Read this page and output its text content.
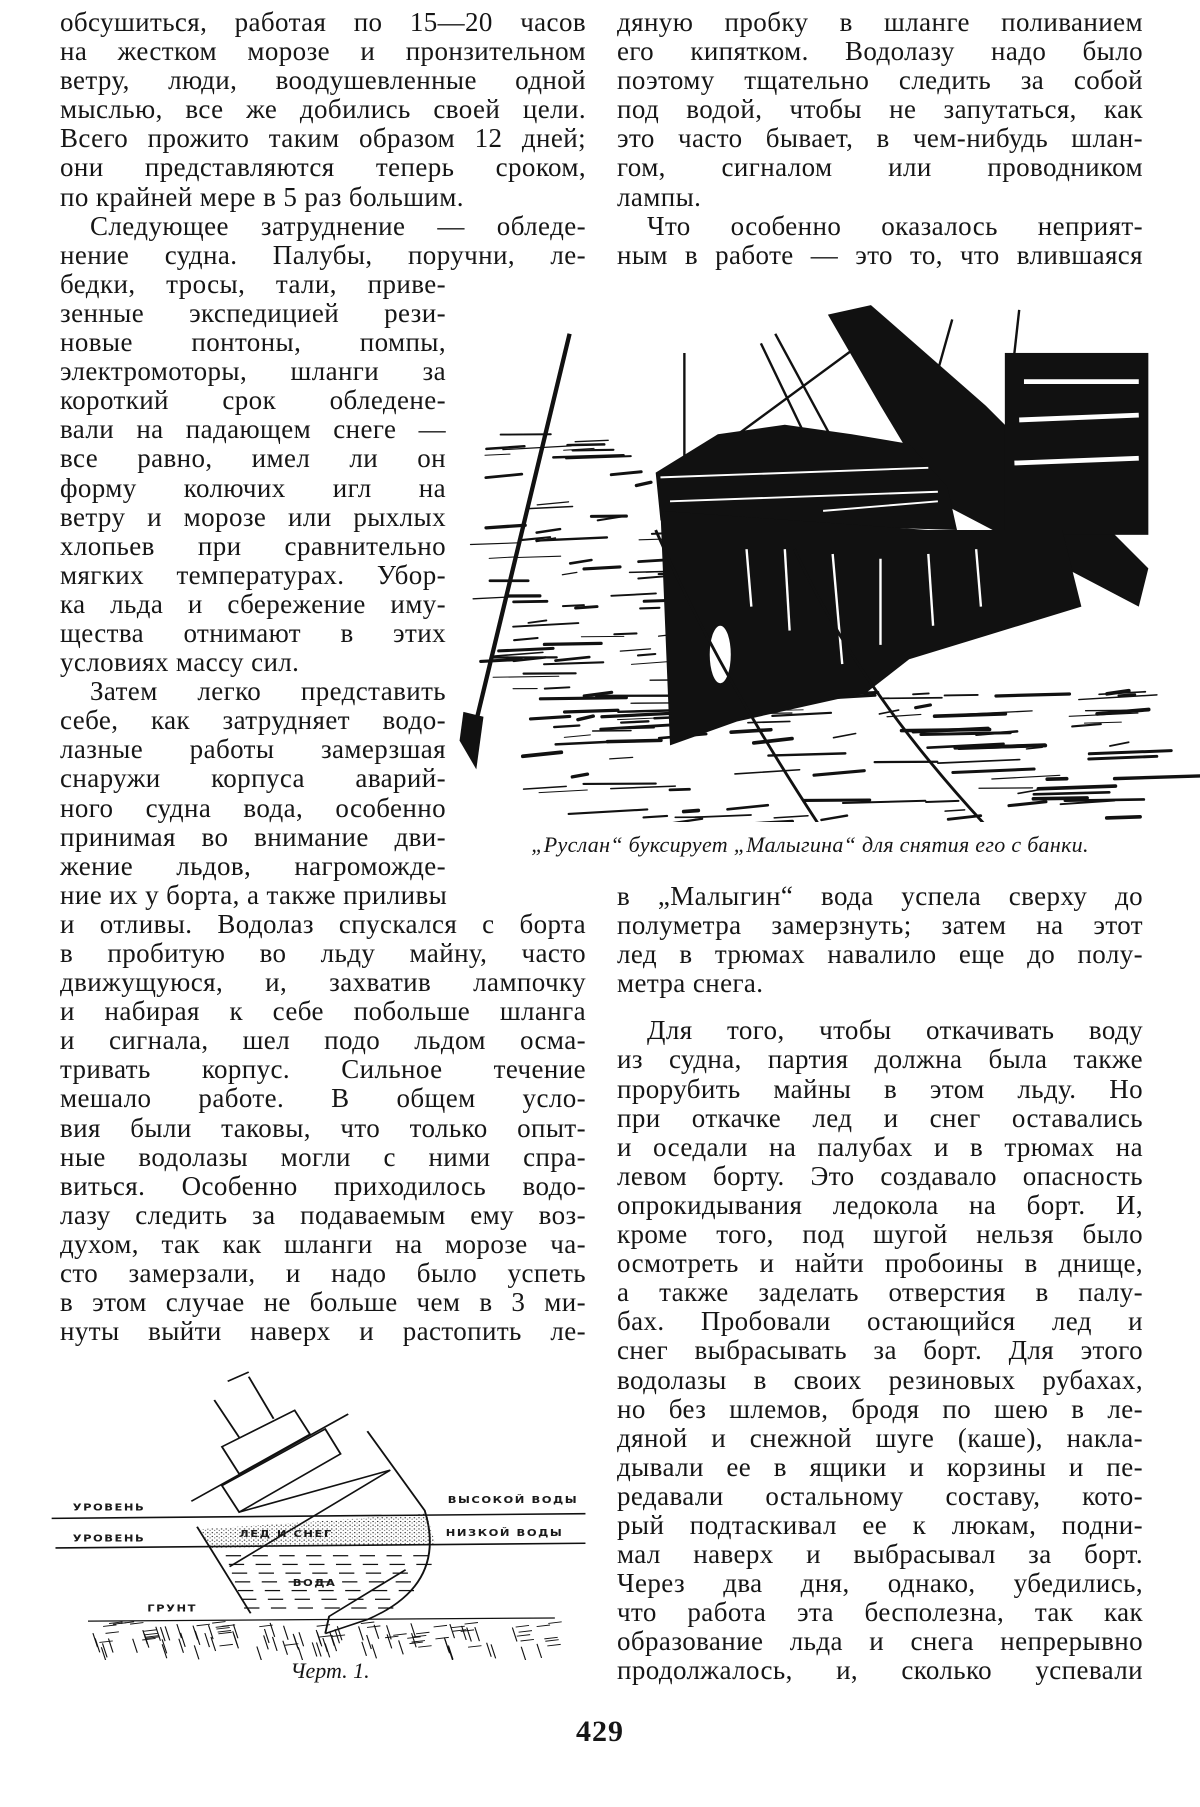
обсушиться, работая по 15—20 часов
на жестком морозе и пронзительном
ветру, люди, воодушевленные одной
мыслью, все же добились своей цели.
Всего прожито таким образом 12 дней;
они представляются теперь сроком,
по крайней мере в 5 раз большим.
Следующее затруднение — обледе-
нение судна. Палубы, поручни, ле-
бедки, тросы, тали, приве-
зенные экспедицией рези-
новые понтоны, помпы,
электромоторы, шланги за
короткий срок обледене-
вали на падающем снеге —
все равно, имел ли он
форму колючих игл на
ветру и морозе или рыхлых
хлопьев при сравнительно
мягких температурах. Убор-
ка льда и сбережение иму-
щества отнимают в этих
условиях массу сил.
Затем легко представить
себе, как затрудняет водо-
лазные работы замерзшая
снаружи корпуса аварий-
ного судна вода, особенно
принимая во внимание дви-
жение льдов, нагроможде-
ние их у борта, а также приливы
и отливы. Водолаз спускался с борта
в пробитую во льду майну, часто
движущуюся, и, захватив лампочку
и набирая к себе побольше шланга
и сигнала, шел подо льдом осма-
тривать корпус. Сильное течение
мешало работе. В общем усло-
вия были таковы, что только опыт-
ные водолазы могли с ними спра-
виться. Особенно приходилось водо-
лазу следить за подаваемым ему воз-
духом, так как шланги на морозе ча-
сто замерзали, и надо было успеть
в этом случае не больше чем в 3 ми-
нуты выйти наверх и растопить ле-
дяную пробку в шланге поливанием
его кипятком. Водолазу надо было
поэтому тщательно следить за собой
под водой, чтобы не запутаться, как
это часто бывает, в чем-нибудь шлан-
гом, сигналом или проводником
лампы.
Что особенно оказалось неприят-
ным в работе — это то, что влившаяся
в „Малыгин“ вода успела сверху до
полуметра замерзнуть; затем на этот
лед в трюмах навалило еще до полу-
метра снега.
Для того, чтобы откачивать воду
из судна, партия должна была также
прорубить майны в этом льду. Но
при откачке лед и снег оставались
и оседали на палубах и в трюмах на
левом борту. Это создавало опасность
опрокидывания ледокола на борт. И,
кроме того, под шугой нельзя было
осмотреть и найти пробоины в днище,
а также заделать отверстия в палу-
бах. Пробовали остающийся лед и
снег выбрасывать за борт. Для этого
водолазы в своих резиновых рубахах,
но без шлемов, бродя по шею в ле-
дяной и снежной шуге (каше), накла-
дывали ее в ящики и корзины и пе-
редавали остальному составу, кото-
рый подтаскивал ее к люкам, подни-
мал наверх и выбрасывал за борт.
Через два дня, однако, убедились,
что работа эта бесполезна, так как
образование льда и снега непрерывно
продолжалось, и, сколько успевали
„Руслан“ буксирует „Малыгина“ для снятия его с банки.
УРОВЕНЬ
ВЫСОКОЙ ВОДЫ
УРОВЕНЬ
НИЗКОЙ ВОДЫ
ЛЕД И СНЕГ
ВОДА
ГРУНТ
Черт. 1.
429
